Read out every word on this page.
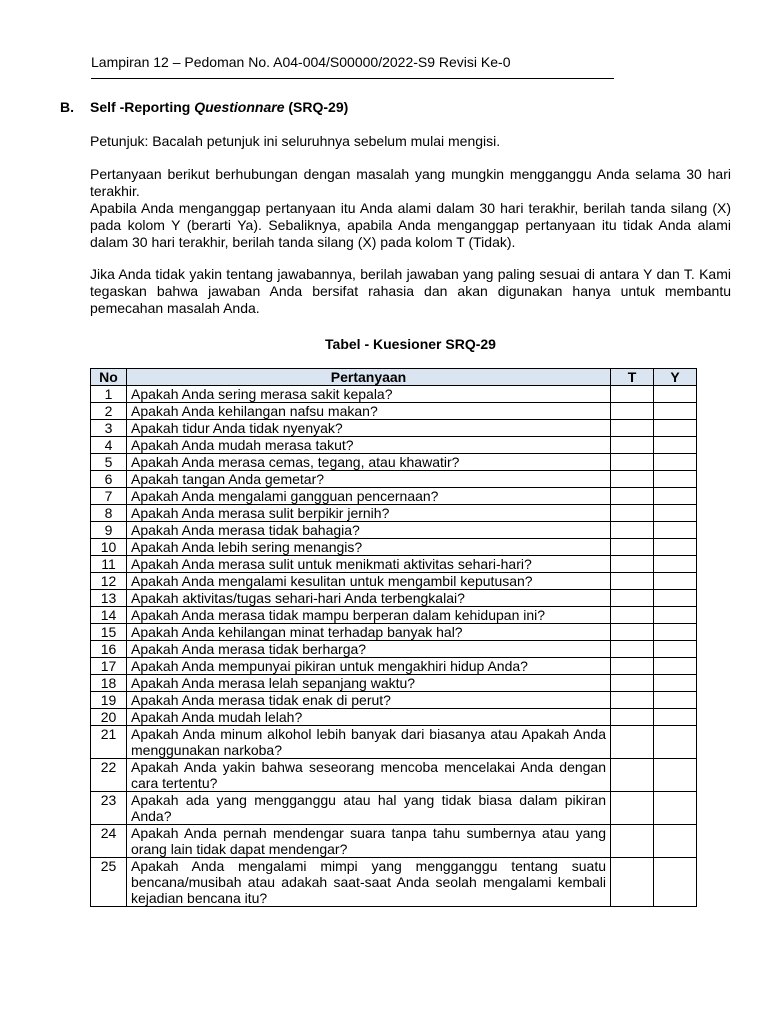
Lampiran 12 – Pedoman No. A04-004/S00000/2022-S9 Revisi Ke-0
B. Self -Reporting Questionnare (SRQ-29)

Petunjuk: Bacalah petunjuk ini seluruhnya sebelum mulai mengisi.

Pertanyaan berikut berhubungan dengan masalah yang mungkin mengganggu Anda selama 30 hari terakhir.
Apabila Anda menganggap pertanyaan itu Anda alami dalam 30 hari terakhir, berilah tanda silang (X) pada kolom Y (berarti Ya). Sebaliknya, apabila Anda menganggap pertanyaan itu tidak Anda alami dalam 30 hari terakhir, berilah tanda silang (X) pada kolom T (Tidak).

Jika Anda tidak yakin tentang jawabannya, berilah jawaban yang paling sesuai di antara Y dan T. Kami tegaskan bahwa jawaban Anda bersifat rahasia dan akan digunakan hanya untuk membantu pemecahan masalah Anda.

Tabel - Kuesioner SRQ-29
No	Pertanyaan	T	Y
1	Apakah Anda sering merasa sakit kepala?		
2	Apakah Anda kehilangan nafsu makan?		
3	Apakah tidur Anda tidak nyenyak?		
4	Apakah Anda mudah merasa takut?		
5	Apakah Anda merasa cemas, tegang, atau khawatir?		
6	Apakah tangan Anda gemetar?		
7	Apakah Anda mengalami gangguan pencernaan?		
8	Apakah Anda merasa sulit berpikir jernih?		
9	Apakah Anda merasa tidak bahagia?		
10	Apakah Anda lebih sering menangis?		
11	Apakah Anda merasa sulit untuk menikmati aktivitas sehari-hari?		
12	Apakah Anda mengalami kesulitan untuk mengambil keputusan?		
13	Apakah aktivitas/tugas sehari-hari Anda terbengkalai?		
14	Apakah Anda merasa tidak mampu berperan dalam kehidupan ini?		
15	Apakah Anda kehilangan minat terhadap banyak hal?		
16	Apakah Anda merasa tidak berharga?		
17	Apakah Anda mempunyai pikiran untuk mengakhiri hidup Anda?		
18	Apakah Anda merasa lelah sepanjang waktu?		
19	Apakah Anda merasa tidak enak di perut?		
20	Apakah Anda mudah lelah?		
21	Apakah Anda minum alkohol lebih banyak dari biasanya atau Apakah Anda menggunakan narkoba?		
22	Apakah Anda yakin bahwa seseorang mencoba mencelakai Anda dengan cara tertentu?		
23	Apakah ada yang mengganggu atau hal yang tidak biasa dalam pikiran Anda?		
24	Apakah Anda pernah mendengar suara tanpa tahu sumbernya atau yang orang lain tidak dapat mendengar?		
25	Apakah Anda mengalami mimpi yang mengganggu tentang suatu bencana/musibah atau adakah saat-saat Anda seolah mengalami kembali kejadian bencana itu?		
